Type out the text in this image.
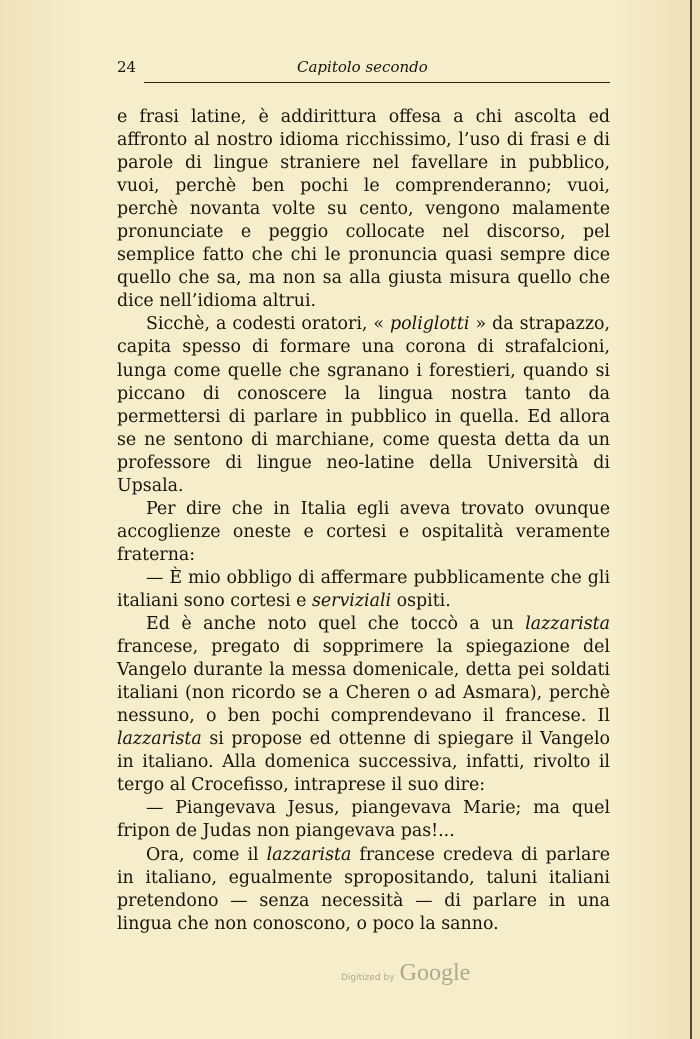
24	Capitolo secondo

e frasi latine, è addirittura offesa a chi ascolta ed affronto al nostro idioma ricchissimo, l’uso di frasi e di parole di lingue straniere nel favellare in pubblico, vuoi, perchè ben pochi le comprenderanno; vuoi, perchè novanta volte su cento, vengono malamente pronunciate e peggio collocate nel discorso, pel semplice fatto che chi le pronuncia quasi sempre dice quello che sa, ma non sa alla giusta misura quello che dice nell’idioma altrui.

Sicchè, a codesti oratori, « poliglotti » da strapazzo, capita spesso di formare una corona di strafalcioni, lunga come quelle che sgranano i forestieri, quando si piccano di conoscere la lingua nostra tanto da permettersi di parlare in pubblico in quella. Ed allora se ne sentono di marchiane, come questa detta da un professore di lingue neo-latine della Università di Upsala.

Per dire che in Italia egli aveva trovato ovunque accoglienze oneste e cortesi e ospitalità veramente fraterna:

— È mio obbligo di affermare pubblicamente che gli italiani sono cortesi e serviziali ospiti.

Ed è anche noto quel che toccò a un lazzarista francese, pregato di sopprimere la spiegazione del Vangelo durante la messa domenicale, detta pei soldati italiani (non ricordo se a Cheren o ad Asmara), perchè nessuno, o ben pochi comprendevano il francese. Il lazzarista si propose ed ottenne di spiegare il Vangelo in italiano. Alla domenica successiva, infatti, rivolto il tergo al Crocefisso, intraprese il suo dire:

— Piangevava Jesus, piangevava Marie; ma quel fripon de Judas non piangevava pas!...

Ora, come il lazzarista francese credeva di parlare in italiano, egualmente spropositando, taluni italiani pretendono — senza necessità — di parlare in una lingua che non conoscono, o poco la sanno.

Digitized by Google
